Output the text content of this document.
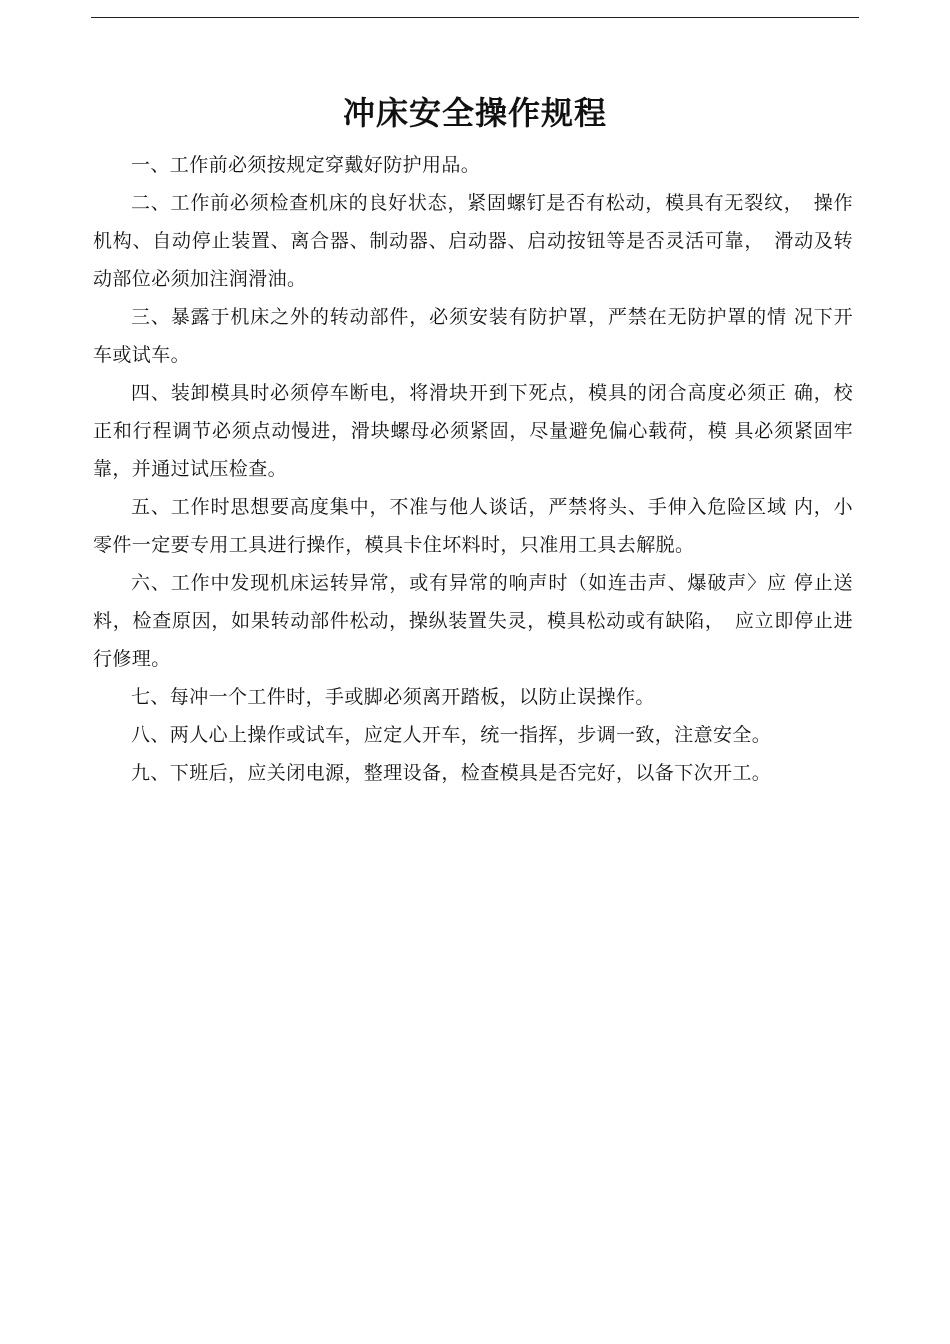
冲床安全操作规程

一、工作前必须按规定穿戴好防护用品。

二、工作前必须检查机床的良好状态，紧固螺钉是否有松动，模具有无裂纹，　操作机构、自动停止装置、离合器、制动器、启动器、启动按钮等是否灵活可靠，　滑动及转动部位必须加注润滑油。

三、暴露于机床之外的转动部件，必须安装有防护罩，严禁在无防护罩的情 况下开车或试车。

四、装卸模具时必须停车断电，将滑块开到下死点，模具的闭合高度必须正 确，校正和行程调节必须点动慢进，滑块螺母必须紧固，尽量避免偏心载荷，模 具必须紧固牢靠，并通过试压检查。

五、工作时思想要高度集中，不准与他人谈话，严禁将头、手伸入危险区域 内，小零件一定要专用工具进行操作，模具卡住坏料时，只准用工具去解脱。

六、工作中发现机床运转异常，或有异常的响声时（如连击声、爆破声〉应 停止送料，检查原因，如果转动部件松动，操纵装置失灵，模具松动或有缺陷，　应立即停止进行修理。

七、每冲一个工件时，手或脚必须离开踏板，以防止误操作。

八、两人心上操作或试车，应定人开车，统一指挥，步调一致，注意安全。

九、下班后，应关闭电源，整理设备，检查模具是否完好，以备下次开工。
